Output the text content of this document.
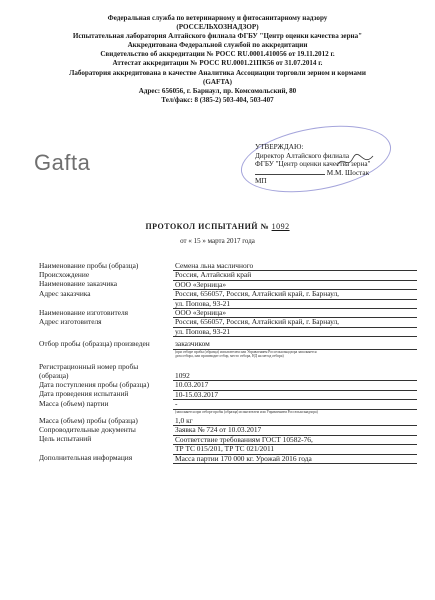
Федеральная служба по ветеринарному и фитосанитарному надзору
(РОССЕЛЬХОЗНАДЗОР)
Испытательная лаборатория Алтайского филиала ФГБУ "Центр оценки качества зерна"
Аккредитована Федеральной службой по аккредитации
Свидетельство об аккредитации № РОСС RU.0001.410056 от 19.11.2012 г.
Аттестат аккредитации № РОСС RU.0001.21ПК56 от 31.07.2014 г.
Лаборатория аккредитована в качестве Аналитика Ассоциации торговли зерном и кормами
(GAFTA)
Адрес: 656056, г. Барнаул, пр. Комсомольский, 80
Тел/факс: 8 (385-2) 503-404, 503-407
Gafta
УТВЕРЖДАЮ:
Директор Алтайского филиала
ФГБУ "Центр оценки качества зерна"
М.М. Шостак
МП
ПРОТОКОЛ ИСПЫТАНИЙ № 1092
от « 15 » марта 2017 года
Наименование пробы (образца)	Семена льна масличного
Происхождение	Россия, Алтайский край
Наименование заказчика	ООО «Зерница»
Адрес заказчика	Россия, 656057, Россия, Алтайский край, г. Барнаул,
	ул. Попова, 93-21
Наименование изготовителя	ООО «Зерница»
Адрес изготовителя	Россия, 656057, Россия, Алтайский край, г. Барнаул,
	ул. Попова, 93-21
Отбор пробы (образца) произведен	заказчиком

	(при отборе пробы (образца) испытателем или Управлением Россельхознадзора заполняется
дата отбора, или производит отбор, место отбора, НД на метод отбора)

Регистрационный номер пробы	
(образца)	1092
Дата поступления пробы (образца)	10.03.2017
Дата проведения испытаний	10-15.03.2017
Масса (объем) партии	-

	(заполняется при отборе пробы (образца) испытателем или Управлением Россельхознадзора)

Масса (объем) пробы (образца)	1,0 кг
Сопроводительные документы	Заявка № 724 от 10.03.2017
Цель испытаний	Соответствие требованиям ГОСТ 10582-76,
	ТР ТС 015/201, ТР ТС 021/2011
Дополнительная информация	Масса партии 170 000 кг. Урожай 2016 года
